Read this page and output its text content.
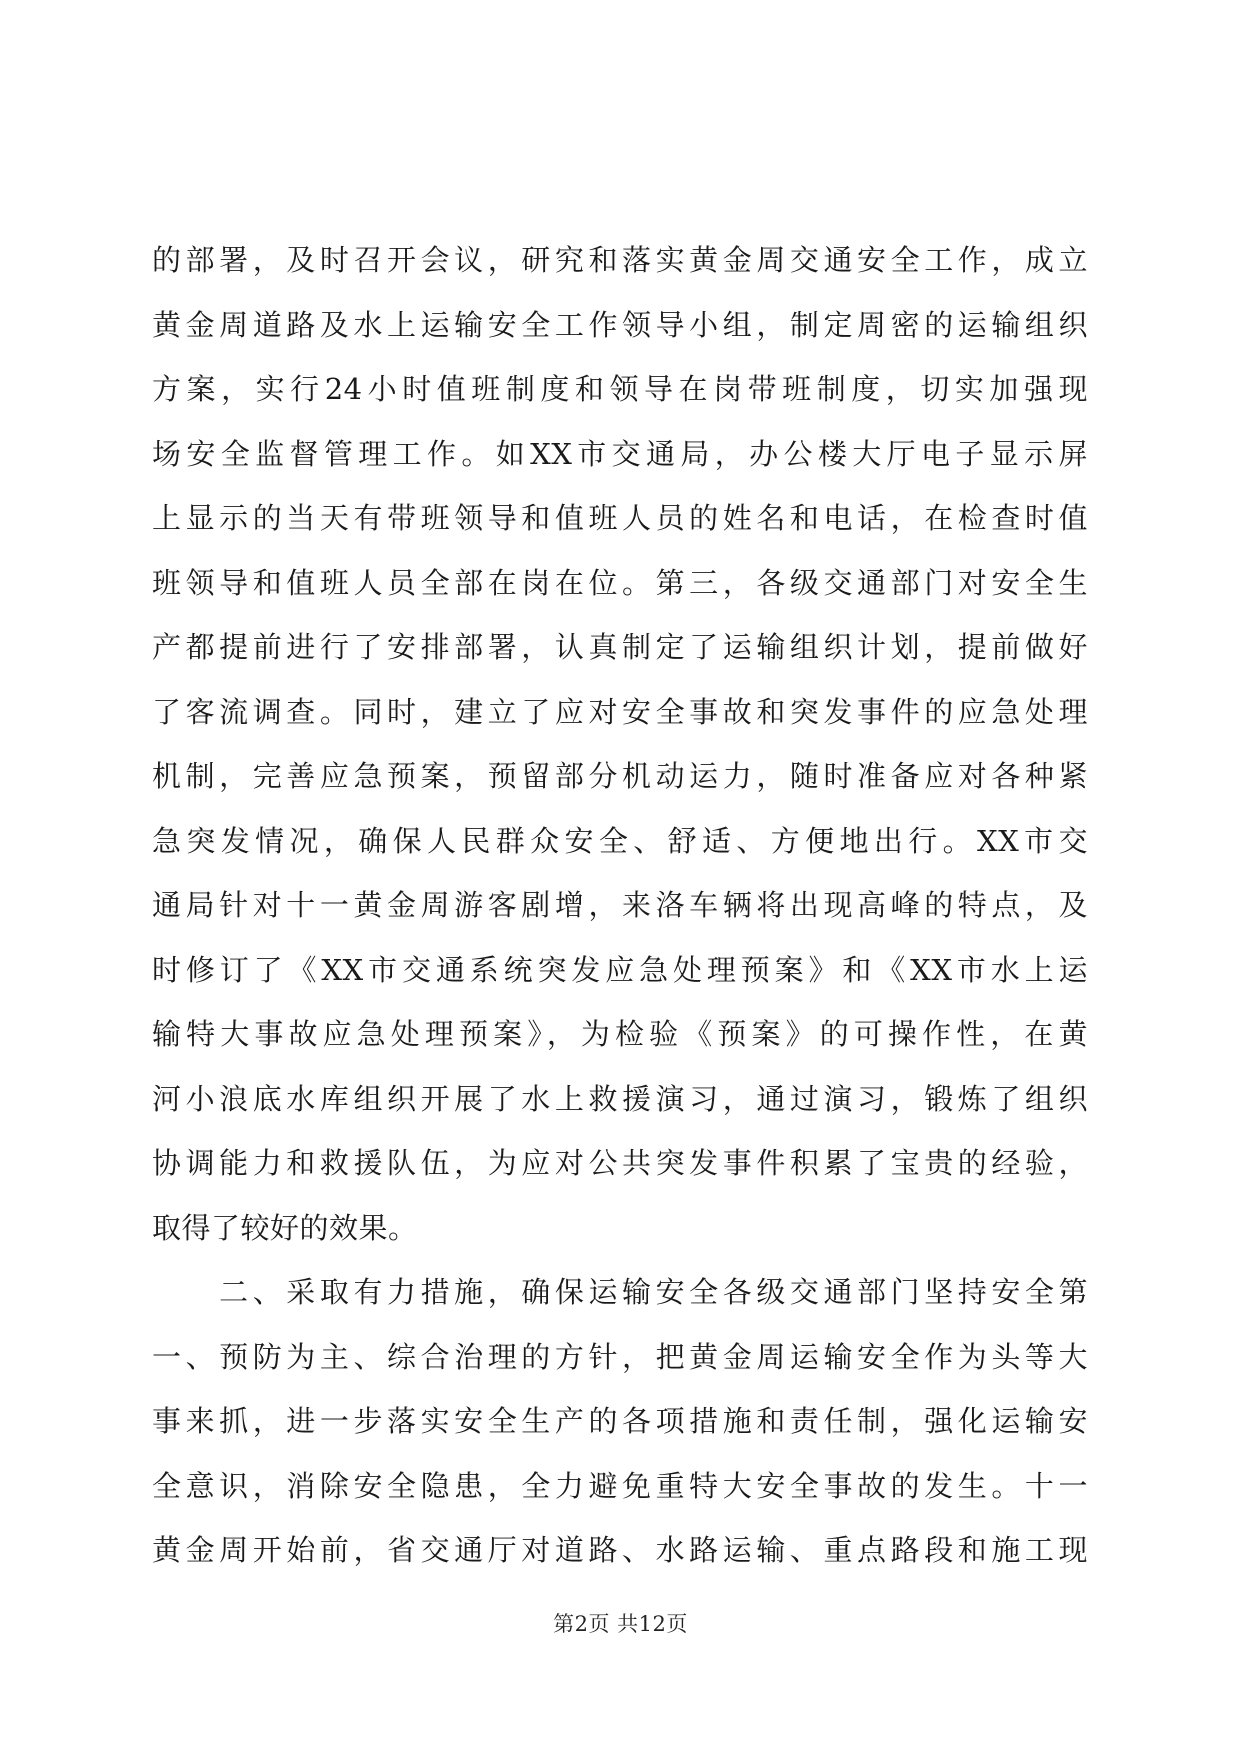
的部署，及时召开会议，研究和落实黄金周交通安全工作，成立
黄金周道路及水上运输安全工作领导小组，制定周密的运输组织
方案，实行24小时值班制度和领导在岗带班制度，切实加强现
场安全监督管理工作。如XX市交通局，办公楼大厅电子显示屏
上显示的当天有带班领导和值班人员的姓名和电话，在检查时值
班领导和值班人员全部在岗在位。第三，各级交通部门对安全生
产都提前进行了安排部署，认真制定了运输组织计划，提前做好
了客流调查。同时，建立了应对安全事故和突发事件的应急处理
机制，完善应急预案，预留部分机动运力，随时准备应对各种紧
急突发情况，确保人民群众安全、舒适、方便地出行。XX市交
通局针对十一黄金周游客剧增，来洛车辆将出现高峰的特点，及
时修订了《XX市交通系统突发应急处理预案》和《XX市水上运
输特大事故应急处理预案》，为检验《预案》的可操作性，在黄
河小浪底水库组织开展了水上救援演习，通过演习，锻炼了组织
协调能力和救援队伍，为应对公共突发事件积累了宝贵的经验，
取得了较好的效果。
　　二、采取有力措施，确保运输安全各级交通部门坚持安全第
一、预防为主、综合治理的方针，把黄金周运输安全作为头等大
事来抓，进一步落实安全生产的各项措施和责任制，强化运输安
全意识，消除安全隐患，全力避免重特大安全事故的发生。十一
黄金周开始前，省交通厅对道路、水路运输、重点路段和施工现
第2页 共12页
